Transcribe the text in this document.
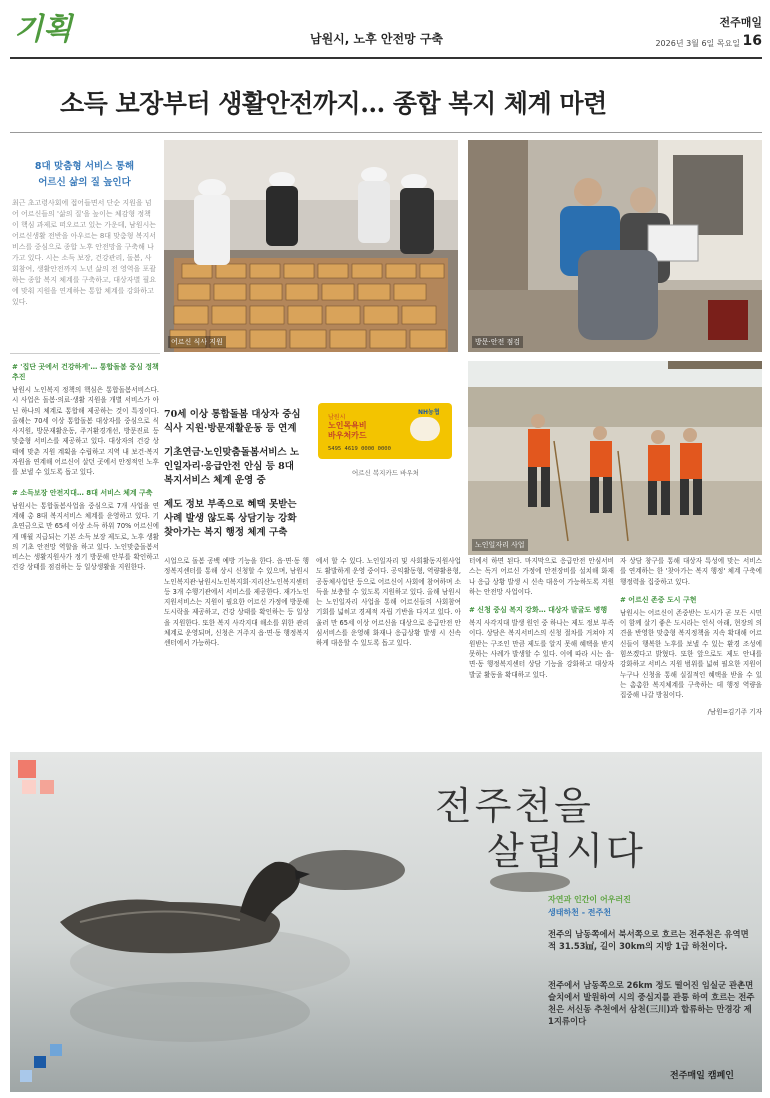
기획	남원시, 노후 안전망 구축
전주매일
2026년 3월 6일 목요일 16
소득 보장부터 생활안전까지… 종합 복지 체계 마련
8대 맞춤형 서비스 통해
어르신 삶의 질 높인다
최근 초고령사회에 접어들면서 단순 지원을 넘어 어르신들의 '삶의 질'을 높이는 체감형 정책이 핵심 과제로 떠오르고 있는 가운데, 남원시는 어르신생활 전반을 아우르는 8대 맞춤형 복지서비스를 중심으로 종합 노후 안전망을 구축해 나가고 있다. 시는 소득 보장, 건강관리, 돌봄, 사회참여, 생활안전까지 노년 삶의 전 영역을 포괄하는 종합 복지 체계를 구축하고, 대상자별 필요에 맞춰 지원을 연계하는 통합 체계를 강화하고 있다.
어르신 식사 지원	방문·안전 점검
노인일자리 사업
70세 이상 통합돌봄 대상자 중심 식사 지원·방문재활운동 등 연계
기초연금·노인맞춤돌봄서비스 노인일자리·응급안전 안심 등 8대 복지서비스 체계 운영 중
제도 정보 부족으로 혜택 못받는 사례 발생 않도록 상담기능 강화 찾아가는 복지 행정 체계 구축
NH농협
남원시
노인목욕비
바우처카드
5495 4619 0000 0000
어르신 복지카드 바우처
# '집단 곳에서 건강하게'… 통합돌봄 중심 정책 추진
남원시 노인복지 정책의 핵심은 통합돌봄서비스다. 시 사업은 돌봄·의료·생활 지원을 개별 서비스가 아닌 하나의 체계로 통합해 제공하는 것이 특징이다. 올해는 70세 이상 통합돌봄 대상자를 중심으로 식사지원, 방문재활운동, 주거환경개선, 방문진료 등 맞춤형 서비스를 제공하고 있다. 대상자의 건강 상태에 맞춘 지원 계획을 수립하고 지역 내 보건·복지 자원을 연계해 어르신이 살던 곳에서 안정적인 노후를 보낼 수 있도록 돕고 있다.
# 소득보장 안전지대… 8대 서비스 체계 구축
남원시는 통합돌봄사업을 중심으로 7개 사업을 연계해 총 8대 복지서비스 체계를 운영하고 있다. 기초연금으로 만 65세 이상 소득 하위 70% 어르신에게 매월 지급되는 기본 소득 보장 제도로, 노후 생활의 기초 안전망 역할을 하고 있다. 노인맞춤돌봄서비스는 생활지원사가 정기 방문해 안부를 확인하고 건강 상태를 점검하는 등 일상생활을 지원한다.
시업으로 돌봄 공백 예방 기능을 한다. 읍·면·동 행정복지센터를 통해 상시 신청할 수 있으며, 남원시노인복지관·남원시노인복지회·지리산노인복지센터 등 3개 수행기관에서 서비스를 제공한다. 재가노인지원서비스는 지원이 필요한 어르신 가정에 방문해 도시락을 제공하고, 건강 상태를 확인하는 등 일상을 지원한다. 또한 복지 사각지대 해소를 위한 관리 체계로 운영되며, 신청은 거주지 읍·면·동 행정복지센터에서 가능하다.
에서 할 수 있다. 노인일자리 및 사회활동지원사업도 활발하게 운영 중이다. 공익활동형, 역량활용형, 공동체사업단 등으로 어르신이 사회에 참여하며 소득을 보충할 수 있도록 지원하고 있다. 올해 남원시는 노인일자리 사업을 통해 어르신들의 사회참여 기회를 넓히고 경제적 자립 기반을 다지고 있다. 아울러 만 65세 이상 어르신을 대상으로 응급안전 안심서비스를 운영해 화재나 응급상황 발생 시 신속하게 대응할 수 있도록 돕고 있다.
터에서 하면 된다. 마지막으로 응급안전 안심서비스는 독거 어르신 가정에 안전장비를 설치해 화재나 응급 상황 발생 시 신속 대응이 가능하도록 지원하는 안전망 사업이다.
# 신청 중심 복지 강화… 대상자 발굴도 병행
복지 사각지대 발생 원인 중 하나는 제도 정보 부족이다. 상담은 복지서비스의 신청 절차를 거쳐야 지원받는 구조인 만큼 제도를 알지 못해 혜택을 받지 못하는 사례가 발생할 수 있다. 이에 따라 시는 읍·면·동 행정복지센터 상담 기능을 강화하고 대상자 발굴 활동을 확대하고 있다.
자 상담 창구를 통해 대상자 특성에 맞는 서비스를 연계하는 한 '찾아가는 복지 행정' 체계 구축에 행정력을 집중하고 있다.
# 어르신 존중 도시 구현
남원시는 어르신이 존중받는 도시가 곧 모든 시민이 함께 살기 좋은 도시라는 인식 아래, 현장의 의견을 반영한 맞춤형 복지정책을 지속 확대해 어르신들이 행복한 노후를 보낼 수 있는 환경 조성에 힘쓰겠다고 밝혔다. 또한 앞으로도 제도 안내를 강화하고 서비스 지원 범위를 넓혀 필요한 지원이 누구나 신청을 통해 실질적인 혜택을 받을 수 있는 촘촘한 복지체계를 구축하는 데 행정 역량을 집중해 나갈 방침이다.
/남원=김기주 기자
전주천을
살립시다
자연과 인간이 어우러진
생태하천 - 전주천
전주의 남동쪽에서 북서쪽으로 흐르는 전주천은 유역면적 31.53㎢, 길이 30km의 지방 1급 하천이다.
전주에서 남동쪽으로 26km 정도 떨어진 임실군 관촌면 슬치에서 발원하여 시의 중심지를 관통 하여 흐르는 전주천은 서신동 추천에서 삼천(三川)과 합류하는 만경강 제1지류이다
전주매일 캠페인
